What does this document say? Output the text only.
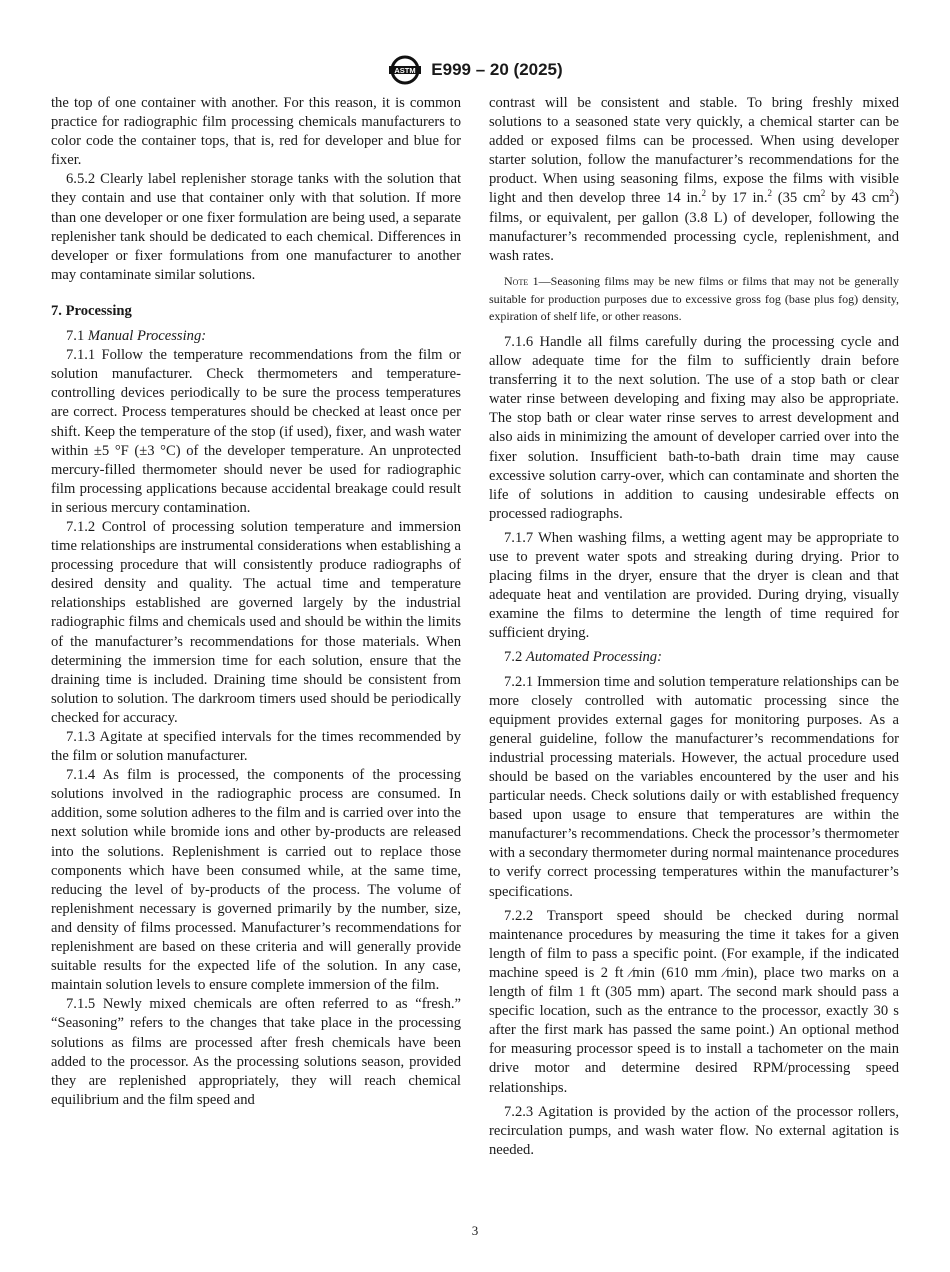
ASTM E999 – 20 (2025)

the top of one container with another. For this reason, it is common practice for radiographic film processing chemicals manufacturers to color code the container tops, that is, red for developer and blue for fixer.

6.5.2 Clearly label replenisher storage tanks with the solution that they contain and use that container only with that solution. If more than one developer or one fixer formulation are being used, a separate replenisher tank should be dedicated to each chemical. Differences in developer or fixer formulations from one manufacturer to another may contaminate similar solutions.

7. Processing

7.1 Manual Processing:

7.1.1 Follow the temperature recommendations from the film or solution manufacturer. Check thermometers and temperature-controlling devices periodically to be sure the process temperatures are correct. Process temperatures should be checked at least once per shift. Keep the temperature of the stop (if used), fixer, and wash water within ±5 °F (±3 °C) of the developer temperature. An unprotected mercury-filled thermometer should never be used for radiographic film processing applications because accidental breakage could result in serious mercury contamination.

7.1.2 Control of processing solution temperature and immersion time relationships are instrumental considerations when establishing a processing procedure that will consistently produce radiographs of desired density and quality. The actual time and temperature relationships established are governed largely by the industrial radiographic films and chemicals used and should be within the limits of the manufacturer’s recommendations for those materials. When determining the immersion time for each solution, ensure that the draining time is included. Draining time should be consistent from solution to solution. The darkroom timers used should be periodically checked for accuracy.

7.1.3 Agitate at specified intervals for the times recommended by the film or solution manufacturer.

7.1.4 As film is processed, the components of the processing solutions involved in the radiographic process are consumed. In addition, some solution adheres to the film and is carried over into the next solution while bromide ions and other by-products are released into the solutions. Replenishment is carried out to replace those components which have been consumed while, at the same time, reducing the level of by-products of the process. The volume of replenishment necessary is governed primarily by the number, size, and density of films processed. Manufacturer’s recommendations for replenishment are based on these criteria and will generally provide suitable results for the expected life of the solution. In any case, maintain solution levels to ensure complete immersion of the film.

7.1.5 Newly mixed chemicals are often referred to as “fresh.” “Seasoning” refers to the changes that take place in the processing solutions as films are processed after fresh chemicals have been added to the processor. As the processing solutions season, provided they are replenished appropriately, they will reach chemical equilibrium and the film speed and

contrast will be consistent and stable. To bring freshly mixed solutions to a seasoned state very quickly, a chemical starter can be added or exposed films can be processed. When using developer starter solution, follow the manufacturer’s recommendations for the product. When using seasoning films, expose the films with visible light and then develop three 14 in.$^2$ by 17 in.$^2$ (35 $cm^2$ by 43 $cm^2$) films, or equivalent, per gallon (3.8 L) of developer, following the manufacturer’s recommended processing cycle, replenishment, and wash rates.

Note 1—Seasoning films may be new films or films that may not be generally suitable for production purposes due to excessive gross fog (base plus fog) density, expiration of shelf life, or other reasons.

7.1.6 Handle all films carefully during the processing cycle and allow adequate time for the film to sufficiently drain before transferring it to the next solution. The use of a stop bath or clear water rinse between developing and fixing may also be appropriate. The stop bath or clear water rinse serves to arrest development and also aids in minimizing the amount of developer carried over into the fixer solution. Insufficient bath-to-bath drain time may cause excessive solution carry-over, which can contaminate and shorten the life of solutions in addition to causing undesirable effects on processed radiographs.

7.1.7 When washing films, a wetting agent may be appropriate to use to prevent water spots and streaking during drying. Prior to placing films in the dryer, ensure that the dryer is clean and that adequate heat and ventilation are provided. During drying, visually examine the films to determine the length of time required for sufficient drying.

7.2 Automated Processing:

7.2.1 Immersion time and solution temperature relationships can be more closely controlled with automatic processing since the equipment provides external gages for monitoring purposes. As a general guideline, follow the manufacturer’s recommendations for industrial processing materials. However, the actual procedure used should be based on the variables encountered by the user and his particular needs. Check solutions daily or with established frequency based upon usage to ensure that temperatures are within the manufacturer’s recommendations. Check the processor’s thermometer with a secondary thermometer during normal maintenance procedures to verify correct processing temperatures within the manufacturer’s specifications.

7.2.2 Transport speed should be checked during normal maintenance procedures by measuring the time it takes for a given length of film to pass a specific point. (For example, if the indicated machine speed is 2 ft ⁄min (610 mm ⁄min), place two marks on a length of film 1 ft (305 mm) apart. The second mark should pass a specific location, such as the entrance to the processor, exactly 30 s after the first mark has passed the same point.) An optional method for measuring processor speed is to install a tachometer on the main drive motor and determine desired RPM/processing speed relationships.

7.2.3 Agitation is provided by the action of the processor rollers, recirculation pumps, and wash water flow. No external agitation is needed.

3
